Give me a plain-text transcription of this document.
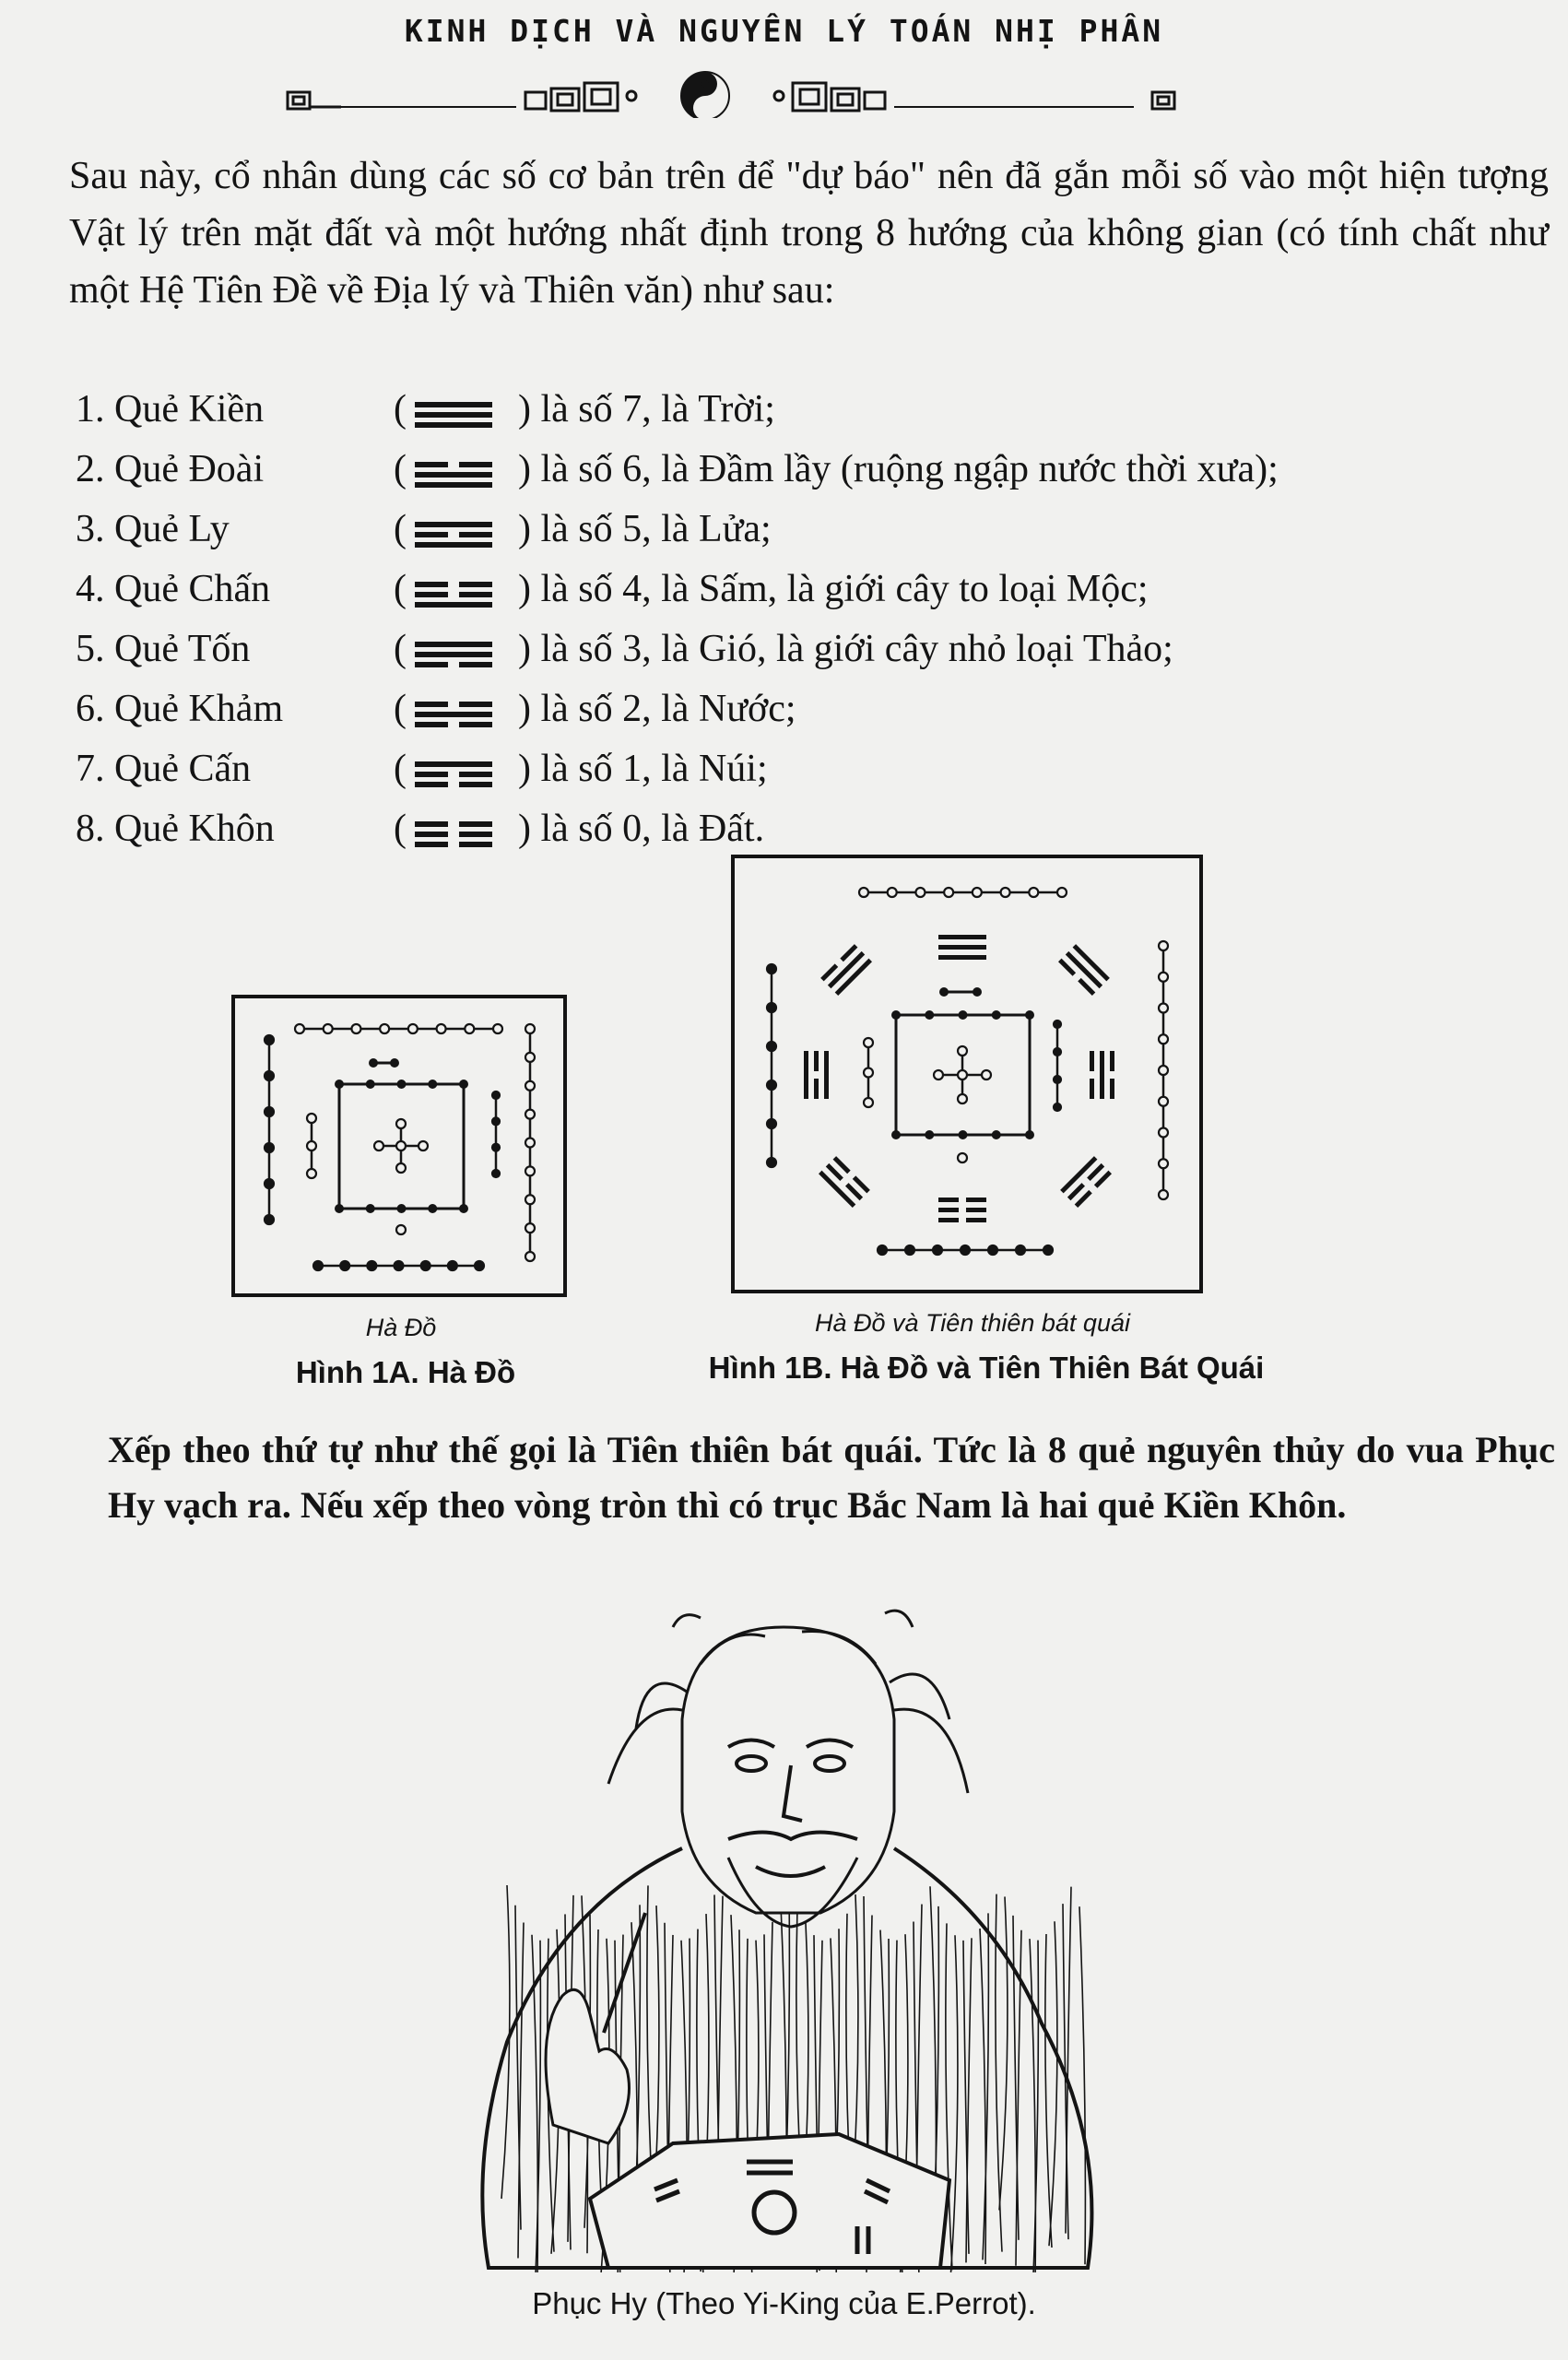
KINH DỊCH VÀ NGUYÊN LÝ TOÁN NHỊ PHÂN

Sau này, cổ nhân dùng các số cơ bản trên để "dự báo" nên đã gắn mỗi số vào một hiện tượng Vật lý trên mặt đất và một hướng nhất định trong 8 hướng của không gian (có tính chất như một Hệ Tiên Đề về Địa lý và Thiên văn) như sau:

1. Quẻ Kiền	(	) là số 7, là Trời;
2. Quẻ Đoài	(	) là số 6, là Đầm lầy (ruộng ngập nước thời xưa);
3. Quẻ Ly	(	) là số 5, là Lửa;
4. Quẻ Chấn	(	) là số 4, là Sấm, là giới cây to loại Mộc;
5. Quẻ Tốn	(	) là số 3, là Gió, là giới cây nhỏ loại Thảo;
6. Quẻ Khảm	(	) là số 2, là Nước;
7. Quẻ Cấn	(	) là số 1, là Núi;
8. Quẻ Khôn	(	) là số 0, là Đất.
Hà Đồ
Hình 1A. Hà Đồ
Hà Đồ và Tiên thiên bát quái
Hình 1B. Hà Đồ và Tiên Thiên Bát Quái

Xếp theo thứ tự như thế gọi là Tiên thiên bát quái. Tức là 8 quẻ nguyên thủy do vua Phục Hy vạch ra. Nếu xếp theo vòng tròn thì có trục Bắc Nam là hai quẻ Kiền Khôn.

Phục Hy (Theo Yi-King của E.Perrot).
